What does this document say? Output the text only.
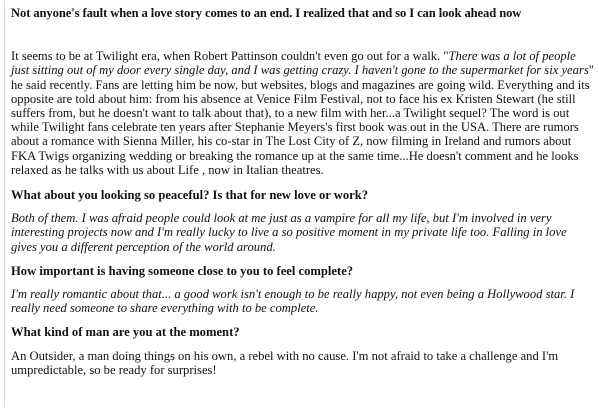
Not anyone's fault when a love story comes to an end. I realized that and so I can look ahead now
It seems to be at Twilight era, when Robert Pattinson couldn't even go out for a walk. "There was a lot of people just sitting out of my door every single day, and I was getting crazy. I haven't gone to the supermarket for six years" he said recently. Fans are letting him be now, but websites, blogs and magazines are going wild. Everything and its opposite are told about him: from his absence at Venice Film Festival, not to face his ex Kristen Stewart (he still suffers from, but he doesn't want to talk about that), to a new film with her...a Twilight sequel? The word is out while Twilight fans celebrate ten years after Stephanie Meyers's first book was out in the USA. There are rumors about a romance with Sienna Miller, his co-star in The Lost City of Z, now filming in Ireland and rumors about FKA Twigs organizing wedding or breaking the romance up at the same time...He doesn't comment and he looks relaxed as he talks with us about Life , now in Italian theatres.
What about you looking so peaceful? Is that for new love or work?
Both of them. I was afraid people could look at me just as a vampire for all my life, but I'm involved in very interesting projects now and I'm really lucky to live a so positive moment in my private life too. Falling in love gives you a different perception of the world around.
How important is having someone close to you to feel complete?
I'm really romantic about that... a good work isn't enough to be really happy, not even being a Hollywood star. I really need someone to share everything with to be complete.
What kind of man are you at the moment?
An Outsider, a man doing things on his own, a rebel with no cause. I'm not afraid to take a challenge and I'm umpredictable, so be ready for surprises!
